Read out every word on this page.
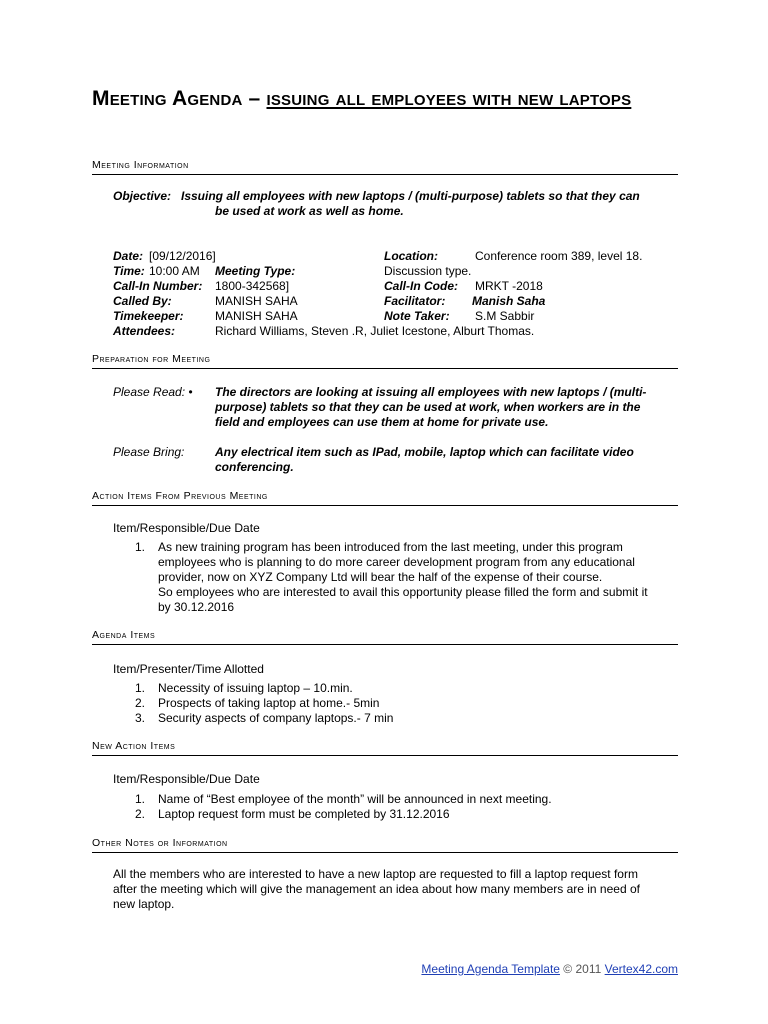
Meeting Agenda – issuing all employees with new laptops
Meeting Information
Objective: Issuing all employees with new laptops / (multi-purpose) tablets so that they can
be used at work as well as home.
Date: [09/12/2016]	Location:	Conference room 389, level 18.
Time: 10:00 AM Meeting Type:	Discussion type.
Call-In Number: 1800-342568]	Call-In Code: MRKT -2018
Called By:	MANISH SAHA	Facilitator: Manish Saha
Timekeeper:	MANISH SAHA	Note Taker: S.M Sabbir
Attendees:	Richard Williams, Steven .R, Juliet Icestone, Alburt Thomas.
Preparation for Meeting
Please Read: • The directors are looking at issuing all employees with new laptops / (multi-
purpose) tablets so that they can be used at work, when workers are in the
field and employees can use them at home for private use.
Please Bring:	Any electrical item such as IPad, mobile, laptop which can facilitate video
conferencing.
Action Items From Previous Meeting
Item/Responsible/Due Date
1. As new training program has been introduced from the last meeting, under this program
employees who is planning to do more career development program from any educational
provider, now on XYZ Company Ltd will bear the half of the expense of their course.
So employees who are interested to avail this opportunity please filled the form and submit it
by 30.12.2016
Agenda Items
Item/Presenter/Time Allotted
1. Necessity of issuing laptop – 10.min.
2. Prospects of taking laptop at home.- 5min
3. Security aspects of company laptops.- 7 min
New Action Items
Item/Responsible/Due Date
1. Name of “Best employee of the month” will be announced in next meeting.
2. Laptop request form must be completed by 31.12.2016
Other Notes or Information
All the members who are interested to have a new laptop are requested to fill a laptop request form
after the meeting which will give the management an idea about how many members are in need of
new laptop.
Meeting Agenda Template © 2011 Vertex42.com
